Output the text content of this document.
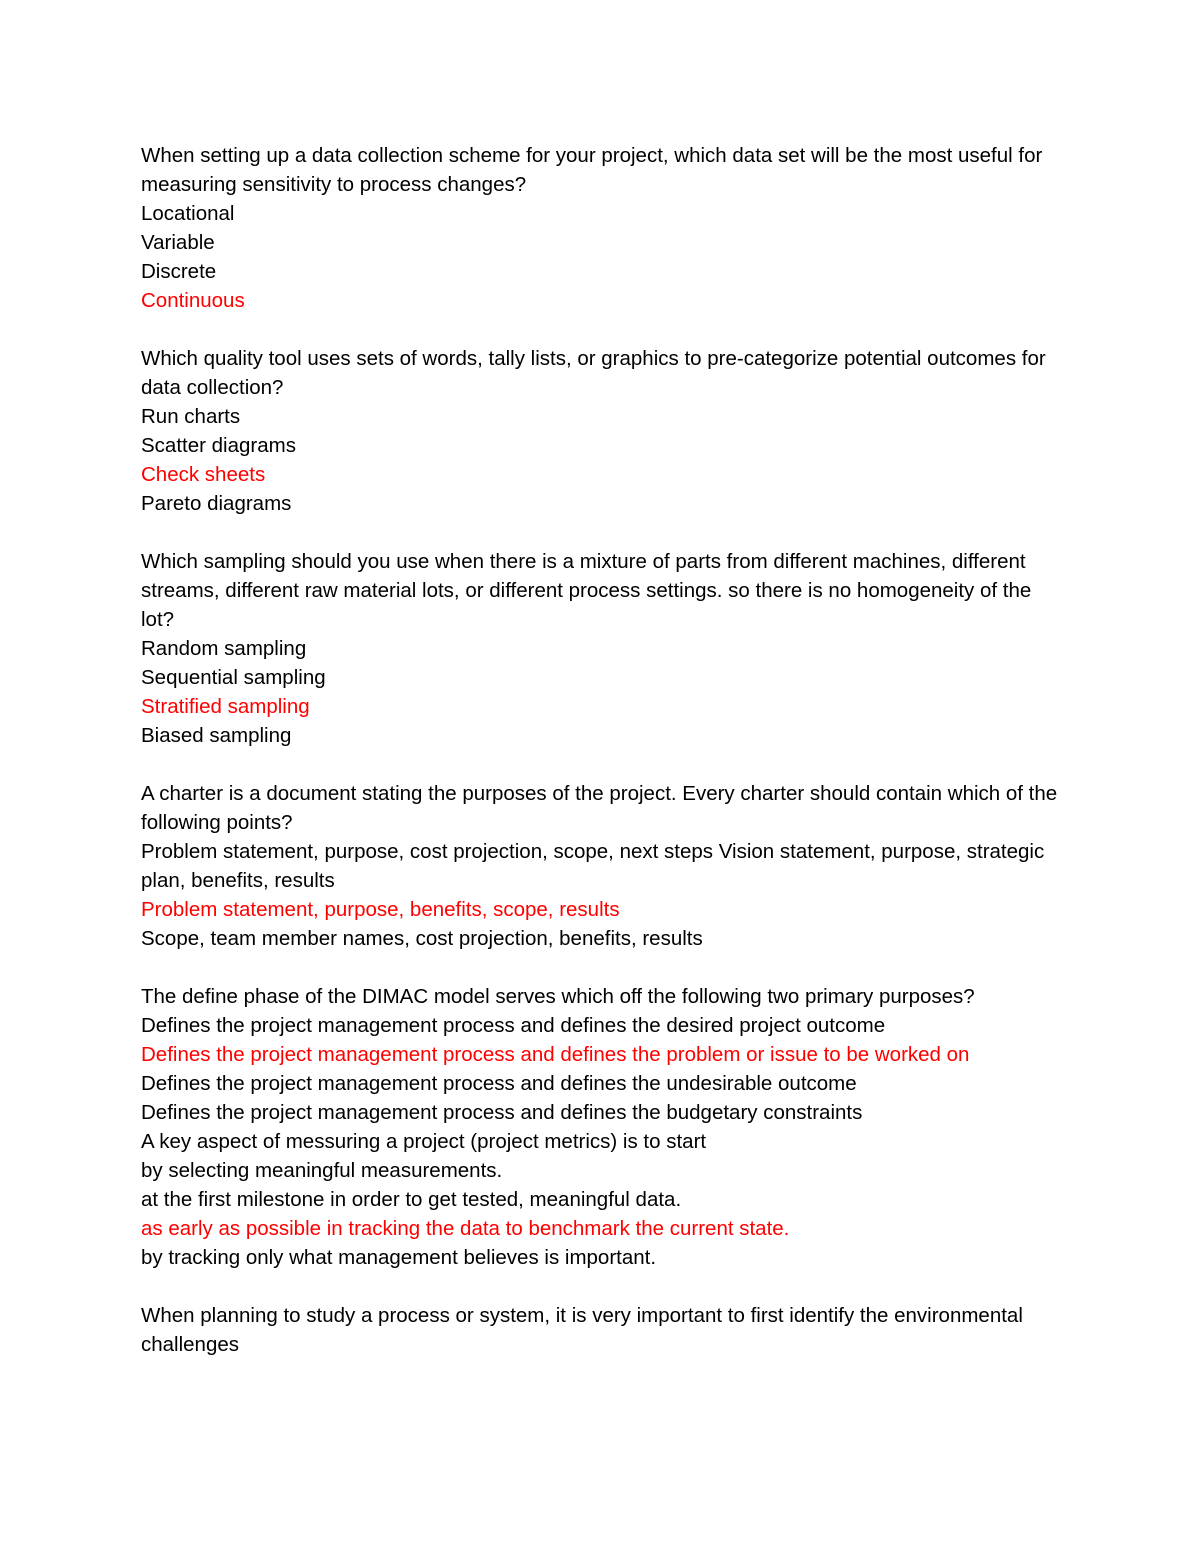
When setting up a data collection scheme for your project, which data set will be the most useful for measuring sensitivity to process changes?
Locational
Variable
Discrete
Continuous
Which quality tool uses sets of words, tally lists, or graphics to pre-categorize potential outcomes for data collection?
Run charts
Scatter diagrams
Check sheets
Pareto diagrams
Which sampling should you use when there is a mixture of parts from different machines, different streams, different raw material lots, or different process settings. so there is no homogeneity of the lot?
Random sampling
Sequential sampling
Stratified sampling
Biased sampling
A charter is a document stating the purposes of the project. Every charter should contain which of the following points?
Problem statement, purpose, cost projection, scope, next steps Vision statement, purpose, strategic plan, benefits, results
Problem statement, purpose, benefits, scope, results
Scope, team member names, cost projection, benefits, results
The define phase of the DIMAC model serves which off the following two primary purposes?
Defines the project management process and defines the desired project outcome
Defines the project management process and defines the problem or issue to be worked on
Defines the project management process and defines the undesirable outcome
Defines the project management process and defines the budgetary constraints
A key aspect of messuring a project (project metrics) is to start
by selecting meaningful measurements.
at the first milestone in order to get tested, meaningful data.
as early as possible in tracking the data to benchmark the current state.
by tracking only what management believes is important.
When planning to study a process or system, it is very important to first identify the environmental challenges
